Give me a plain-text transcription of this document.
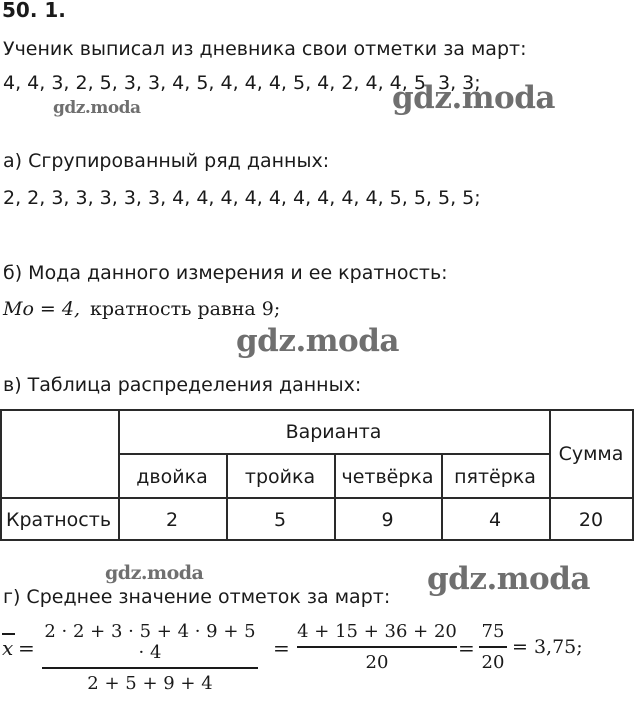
50. 1.
Ученик выписал из дневника свои отметки за март:
4, 4, 3, 2, 5, 3, 3, 4, 5, 4, 4, 4, 5, 4, 2, 4, 4, 5, 3, 3;
gdz.moda	gdz.moda
а) Сгрупированный ряд данных:
2, 2, 3, 3, 3, 3, 3, 4, 4, 4, 4, 4, 4, 4, 4, 4, 5, 5, 5, 5;
б) Мода данного измерения и ее кратность:
Mo = 4, кратность равна 9;
gdz.moda
в) Таблица распределения данных:
Варианта
Сумма
двойка	тройка	четвёрка	пятёрка
Кратность	2	5	9	4	20
gdz.moda	gdz.moda
г) Среднее значение отметок за март:
x =
2 · 2 + 3 · 5 + 4 · 9 + 5 · 4
2 + 5 + 9 + 4
=
4 + 15 + 36 + 20
20
=
75
20
= 3,75;
